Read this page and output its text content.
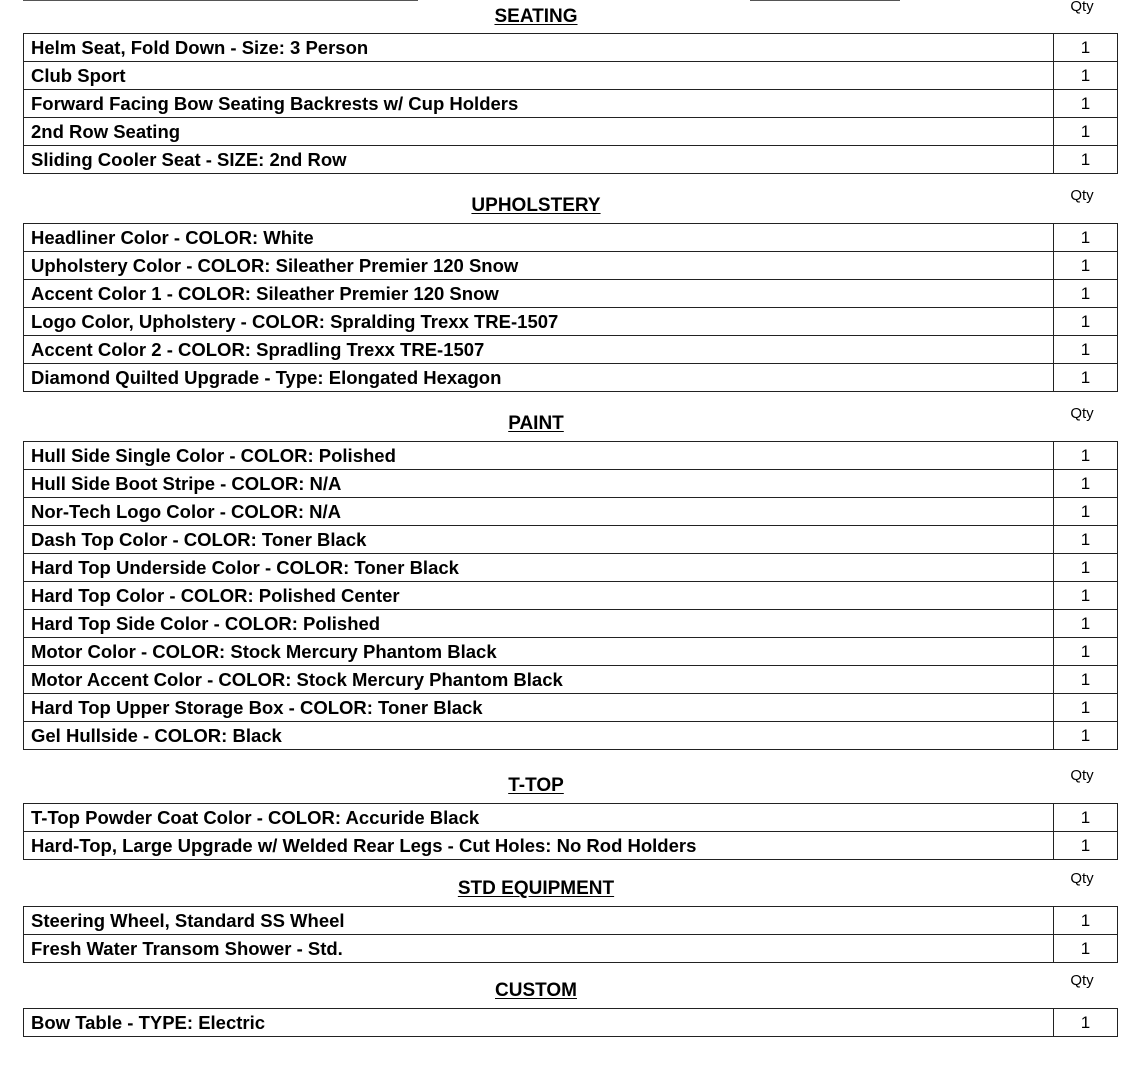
SEATING	Qty
Helm Seat, Fold Down - Size: 3 Person	1
Club Sport	1
Forward Facing Bow Seating Backrests w/ Cup Holders	1
2nd Row Seating	1
Sliding Cooler Seat - SIZE: 2nd Row	1
UPHOLSTERY	Qty
Headliner Color - COLOR: White	1
Upholstery Color - COLOR: Sileather Premier 120 Snow	1
Accent Color 1 - COLOR: Sileather Premier 120 Snow	1
Logo Color, Upholstery - COLOR: Spralding Trexx TRE-1507	1
Accent Color 2 - COLOR: Spradling Trexx TRE-1507	1
Diamond Quilted Upgrade - Type: Elongated Hexagon	1
PAINT	Qty
Hull Side Single Color - COLOR: Polished	1
Hull Side Boot Stripe - COLOR: N/A	1
Nor-Tech Logo Color - COLOR: N/A	1
Dash Top Color - COLOR: Toner Black	1
Hard Top Underside Color - COLOR: Toner Black	1
Hard Top Color - COLOR: Polished Center	1
Hard Top Side Color - COLOR: Polished	1
Motor Color - COLOR: Stock Mercury Phantom Black	1
Motor Accent Color - COLOR: Stock Mercury Phantom Black	1
Hard Top Upper Storage Box - COLOR: Toner Black	1
Gel Hullside - COLOR: Black	1
T-TOP	Qty
T-Top Powder Coat Color - COLOR: Accuride Black	1
Hard-Top, Large Upgrade w/ Welded Rear Legs - Cut Holes: No Rod Holders	1
STD EQUIPMENT	Qty
Steering Wheel, Standard SS Wheel	1
Fresh Water Transom Shower - Std.	1
CUSTOM	Qty
Bow Table - TYPE: Electric	1
